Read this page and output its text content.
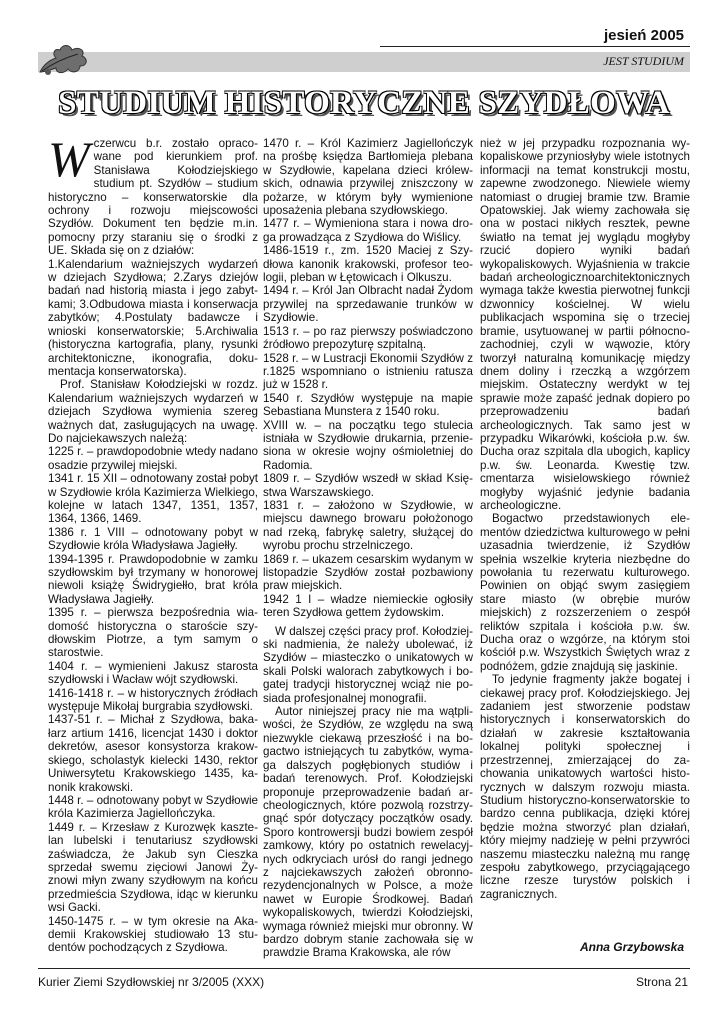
jesień 2005
JEST STUDIUM
STUDIUM HISTORYCZNE SZYDŁOWA
W czerwcu b.r. zostało opracowane pod kierunkiem prof. Stanisława Kołodziejskiego studium pt. Szydłów – studium historyczno – konserwatorskie dla ochrony i rozwoju miejscowości Szydłów. Dokument ten będzie m.in. pomocny przy staraniu się o środki z UE. Składa się on z działów:

1.Kalendarium ważniejszych wydarzeń w dziejach Szydłowa; 2.Zarys dziejów badań nad historią miasta i jego zabytkami; 3.Odbudowa miasta i konserwacja zabytków; 4.Postulaty badawcze i wnioski konserwatorskie; 5.Archiwalia (historyczna kartografia, plany, rysunki architektoniczne, ikonografia, dokumentacja konserwatorska).

Prof. Stanisław Kołodziejski w rozdz. Kalendarium ważniejszych wydarzeń w dziejach Szydłowa wymienia szereg ważnych dat, zasługujących na uwagę. Do najciekawszych należą:

1225 r. – prawdopodobnie wtedy nadano osadzie przywilej miejski.

1341 r. 15 XII – odnotowany został pobyt w Szydłowie króla Kazimierza Wielkiego, kolejne w latach 1347, 1351, 1357, 1364, 1366, 1469.

1386 r. 1 VIII – odnotowany pobyt w Szydłowie króla Władysława Jagiełły.

1394-1395 r. Prawdopodobnie w zamku szydłowskim był trzymany w honorowej niewoli książę Świdrygiełło, brat króla Władysława Jagiełły.

1395 r. – pierwsza bezpośrednia wiadomość historyczna o staroście szydłowskim Piotrze, a tym samym o starostwie.

1404 r. – wymienieni Jakusz starosta szydłowski i Wacław wójt szydłowski.

1416-1418 r. – w historycznych źródłach występuje Mikołaj burgrabia szydłowski.

1437-51 r. – Michał z Szydłowa, bakałarz artium 1416, licencjat 1430 i doktor dekretów, asesor konsystorza krakowskiego, scholastyk kielecki 1430, rektor Uniwersytetu Krakowskiego 1435, kanonik krakowski.

1448 r. – odnotowany pobyt w Szydłowie króla Kazimierza Jagiellończyka.

1449 r. – Krzesław z Kurozwęk kasztelan lubelski i tenutariusz szydłowski zaświadcza, że Jakub syn Cieszka sprzedał swemu zięciowi Janowi Żyznowi młyn zwany szydłowym na końcu przedmieścia Szydłowa, idąc w kierunku wsi Gacki.

1450-1475 r. – w tym okresie na Akademii Krakowskiej studiowało 13 studentów pochodzących z Szydłowa.

1470 r. – Król Kazimierz Jagiellończyk na prośbę księdza Bartłomieja plebana w Szydłowie, kapelana dzieci królewskich, odnawia przywilej zniszczony w pożarze, w którym były wymienione uposażenia plebana szydłowskiego.

1477 r. – Wymieniona stara i nowa droga prowadząca z Szydłowa do Wiślicy.

1486-1519 r., zm. 1520 Maciej z Szydłowa kanonik krakowski, profesor teologii, pleban w Łętowicach i Olkuszu.

1494 r. – Król Jan Olbracht nadał Żydom przywilej na sprzedawanie trunków w Szydłowie.

1513 r. – po raz pierwszy poświadczono źródłowo prepozyturę szpitalną.

1528 r. – w Lustracji Ekonomii Szydłów z r.1825 wspomniano o istnieniu ratusza już w 1528 r.

1540 r. Szydłów występuje na mapie Sebastiana Munstera z 1540 roku.

XVIII w. – na początku tego stulecia istniała w Szydłowie drukarnia, przeniesiona w okresie wojny ośmioletniej do Radomia.

1809 r. – Szydłów wszedł w skład Księstwa Warszawskiego.

1831 r. – założono w Szydłowie, w miejscu dawnego browaru położonogo nad rzeką, fabrykę saletry, służącej do wyrobu prochu strzelniczego.

1869 r. – ukazem cesarskim wydanym w listopadzie Szydłów został pozbawiony praw miejskich.

1942 1 I – władze niemieckie ogłosiły teren Szydłowa gettem żydowskim.

W dalszej części pracy prof. Kołodziejski nadmienia, że należy ubolewać, iż Szydłów – miasteczko o unikatowych w skali Polski walorach zabytkowych i bogatej tradycji historycznej wciąż nie posiada profesjonalnej monografii.

Autor niniejszej pracy nie ma wątpliwości, że Szydłów, ze względu na swą niezwykle ciekawą przeszłość i na bogactwo istniejących tu zabytków, wymaga dalszych pogłębionych studiów i badań terenowych. Prof. Kołodziejski proponuje przeprowadzenie badań archeologicznych, które pozwolą rozstrzygnąć spór dotyczący początków osady. Sporo kontrowersji budzi bowiem zespół zamkowy, który po ostatnich rewelacyjnych odkryciach urósł do rangi jednego z najciekawszych założeń obronnorezydencjonalnych w Polsce, a może nawet w Europie Środkowej. Badań wykopaliskowych, twierdzi Kołodziejski, wymaga również miejski mur obronny. W bardzo dobrym stanie zachowała się w prawdzie Brama Krakowska, ale rów

nież w jej przypadku rozpoznania wykopaliskowe przyniosłyby wiele istotnych informacji na temat konstrukcji mostu, zapewne zwodzonego. Niewiele wiemy natomiast o drugiej bramie tzw. Bramie Opatowskiej. Jak wiemy zachowała się ona w postaci nikłych resztek, pewne światło na temat jej wyglądu mogłyby rzucić dopiero wyniki badań wykopaliskowych. Wyjaśnienia w trakcie badań archeologicznoarchitektonicznych wymaga także kwestia pierwotnej funkcji dzwonnicy kościelnej. W wielu publikacjach wspomina się o trzeciej bramie, usytuowanej w partii północno-zachodniej, czyli w wąwozie, który tworzył naturalną komunikację między dnem doliny i rzeczką a wzgórzem miejskim. Ostateczny werdykt w tej sprawie może zapaść jednak dopiero po przeprowadzeniu badań archeologicznych. Tak samo jest w przypadku Wikarówki, kościoła p.w. św. Ducha oraz szpitala dla ubogich, kaplicy p.w. św. Leonarda. Kwestię tzw. cmentarza wisielowskiego również mogłyby wyjaśnić jedynie badania archeologiczne.

Bogactwo przedstawionych elementów dziedzictwa kulturowego w pełni uzasadnia twierdzenie, iż Szydłów spełnia wszelkie kryteria niezbędne do powołania tu rezerwatu kulturowego. Powinien on objąć swym zasięgiem stare miasto (w obrębie murów miejskich) z rozszerzeniem o zespół reliktów szpitala i kościoła p.w. św. Ducha oraz o wzgórze, na którym stoi kościół p.w. Wszystkich Świętych wraz z podnóżem, gdzie znajdują się jaskinie.

To jedynie fragmenty jakże bogatej i ciekawej pracy prof. Kołodziejskiego. Jej zadaniem jest stworzenie podstaw historycznych i konserwatorskich do działań w zakresie kształtowania lokalnej polityki społecznej i przestrzennej, zmierzającej do zachowania unikatowych wartości historycznych w dalszym rozwoju miasta. Studium historyczno-konserwatorskie to bardzo cenna publikacja, dzięki której będzie można stworzyć plan działań, który miejmy nadzieję w pełni przywróci naszemu miasteczku należną mu rangę zespołu zabytkowego, przyciągającego liczne rzesze turystów polskich i zagranicznych.

Anna Grzybowska
Kurier Ziemi Szydłowskiej nr 3/2005 (XXX)	Strona 21
